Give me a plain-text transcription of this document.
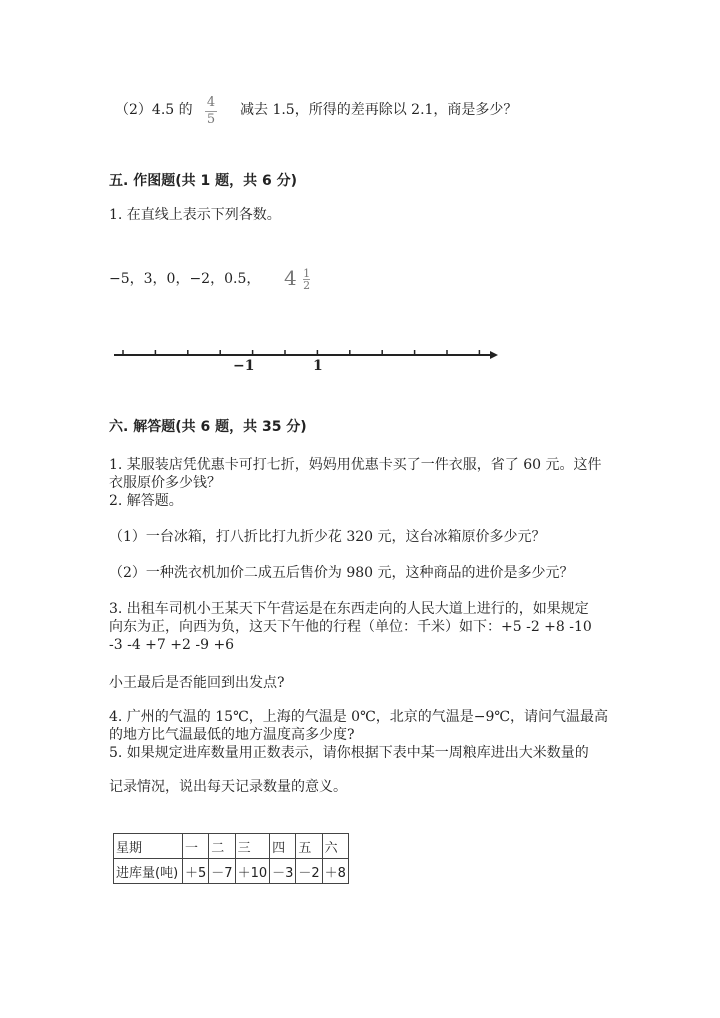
（2）4.5 的 4
5
减去 1.5，所得的差再除以 2.1，商是多少？
五. 作图题(共 1 题，共 6 分)
1. 在直线上表示下列各数。
−5，3，0，−2，0.5， $4 \frac{1}{2}$
−1	1
六. 解答题(共 6 题，共 35 分)
1. 某服装店凭优惠卡可打七折，妈妈用优惠卡买了一件衣服，省了 60 元。这件
衣服原价多少钱？
2. 解答题。
（1）一台冰箱，打八折比打九折少花 320 元，这台冰箱原价多少元？
（2）一种洗衣机加价二成五后售价为 980 元，这种商品的进价是多少元？
3. 出租车司机小王某天下午营运是在东西走向的人民大道上进行的，如果规定
向东为正，向西为负，这天下午他的行程（单位：千米）如下：+5 -2 +8 -10
-3 -4 +7 +2 -9 +6
小王最后是否能回到出发点?
4. 广州的气温的 15℃，上海的气温是 0℃，北京的气温是−9℃，请问气温最高
的地方比气温最低的地方温度高多少度?
5. 如果规定进库数量用正数表示，请你根据下表中某一周粮库进出大米数量的
记录情况，说出每天记录数量的意义。
星期	一	二	三	四	五	六
进库量(吨)	＋5	－7	＋10	－3	－2	＋8
